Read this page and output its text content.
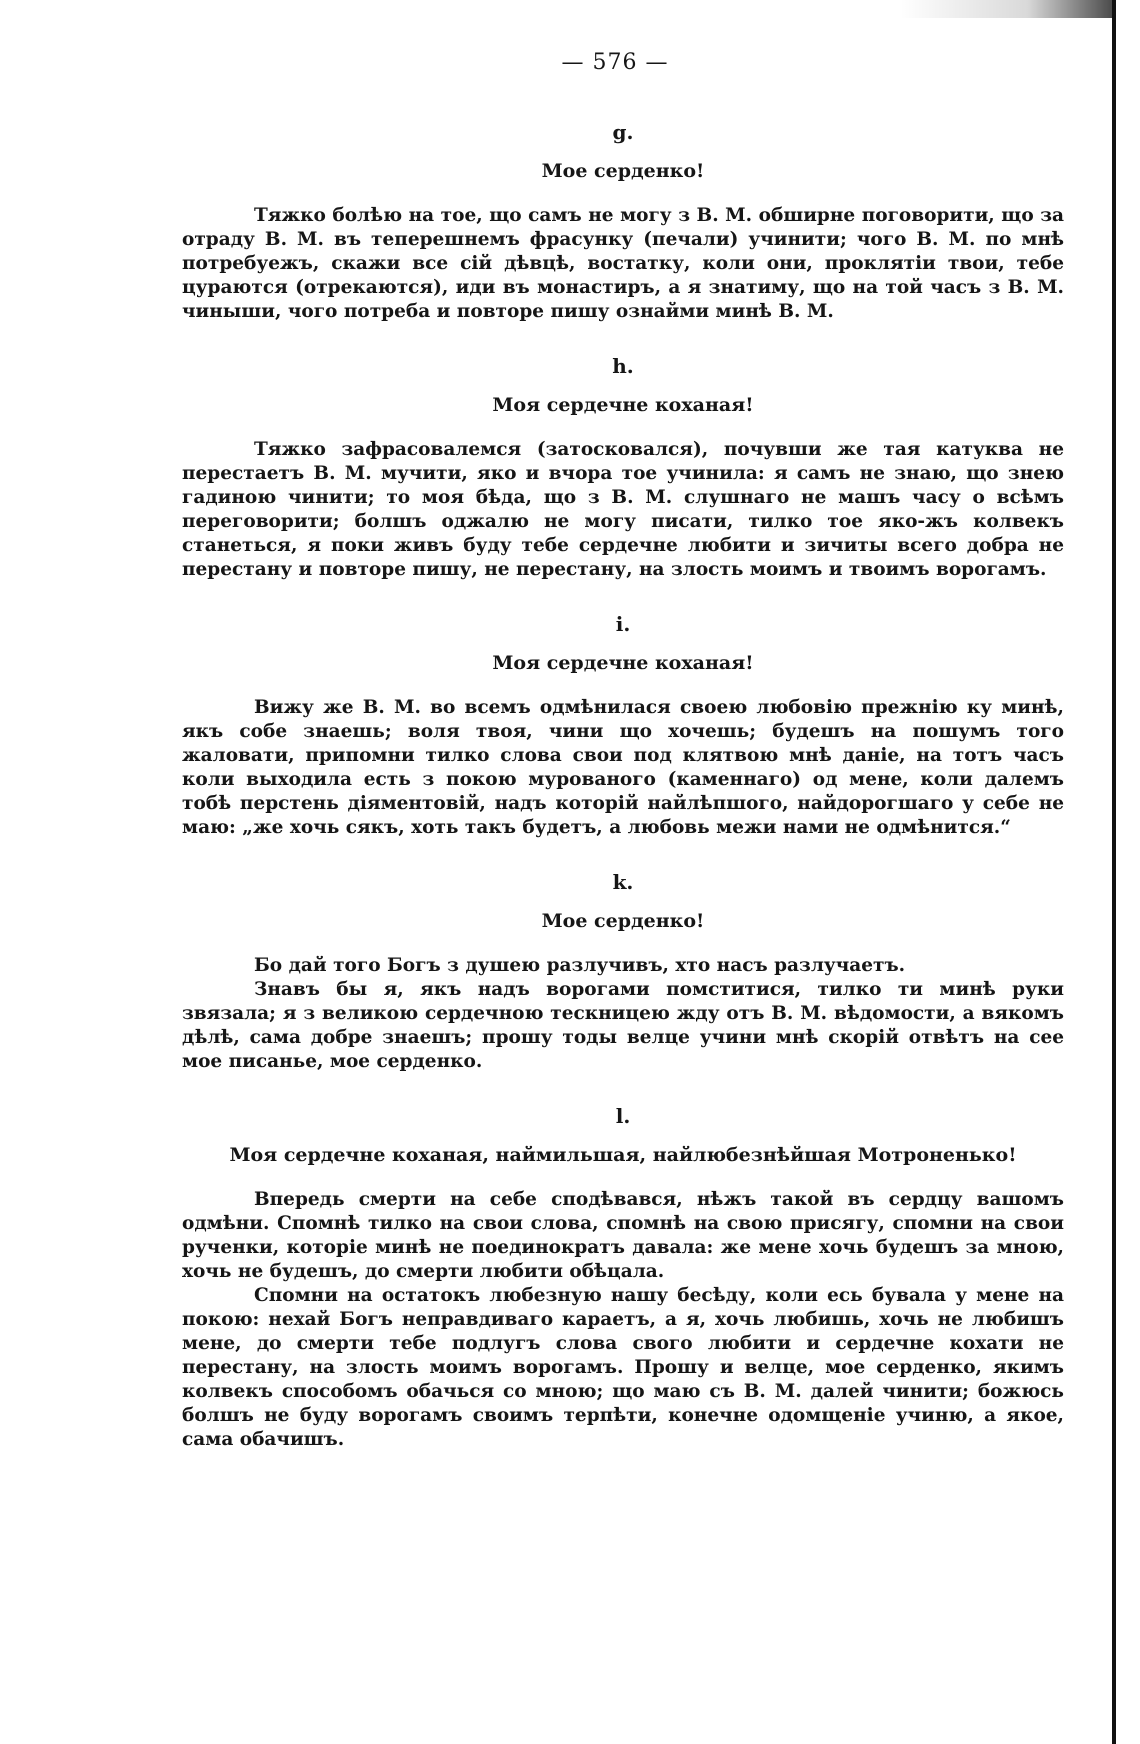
— 576 —

g.

Мое серденко!

Тяжко болѣю на тое, що самъ не могу з В. М. обширне поговорити, що за отраду В. М. въ теперешнемъ фрасунку (печали) учинити; чого В. М. по мнѣ потребуежъ, скажи все сій дѣвцѣ, востатку, коли они, проклятіи твои, тебе цураются (отрекаются), иди въ монастиръ, а я знатиму, що на той часъ з В. М. чиныши, чого потреба и повторе пишу ознайми минѣ В. М.

h.

Моя сердечне кохaная!

Тяжко зафрасовалемся (затосковался), почувши же тая катуква не перестаетъ В. М. мучити, яко и вчора тое учинила: я самъ не знаю, що знею гадиною чинити; то моя бѣда, що з В. М. слушнаго не машъ часу о всѣмъ переговорити; болшъ оджалю не могу писати, тилко тое яко-жъ колвекъ станеться, я поки живъ буду тебе сердечне любити и зичиты всего добра не перестану и повторе пишу, не перестану, на злость моимъ и твоимъ ворогамъ.

i.

Моя сердечне коханая!

Вижу же В. М. во всемъ одмѣнилася своею любовію прежнію ку минѣ, якъ собе знаешь; воля твоя, чини що хочешь; будешъ на пошумъ того жаловати, припомни тилко слова свои под клятвою мнѣ даніе, на тотъ часъ коли выходила есть з покою мурованого (каменнаго) од мене, коли далемъ тобѣ перстень діяментовій, надъ которій найлѣпшого, найдорогшаго у себе не маю: „же хочь сякъ, хоть такъ будетъ, а любовь межи нами не одмѣнится.“

k.

Мое серденко!

Бо дай того Богъ з душею разлучивъ, хто насъ разлучаетъ.

Знавъ бы я, якъ надъ ворогами помститися, тилко ти минѣ руки звязала; я з великою сердечною тескницею жду отъ В. М. вѣдомости, а вякомъ дѣлѣ, сама добре знаешъ; прошу тоды велце учини мнѣ скорій отвѣтъ на сее мое писанье, мое серденко.

l.

Моя сердечне коханая, наймильшая, найлюбезнѣйшая Мотроненько!

Впередь смерти на себе сподѣвався, нѣжъ такой въ сердцу вашомъ одмѣни. Спомнѣ тилко на свои слова, спомнѣ на свою присягу, спомни на свои рученки, которіе минѣ не поединократъ давала: же мене хочь будешъ за мною, хочь не будешъ, до смерти любити обѣцала.

Спомни на остатокъ любезную нашу бесѣду, коли есь бувала у мене на покою: нехай Богъ неправдиваго караетъ, а я, хочь любишь, хочь не любишъ мене, до смерти тебе подлугъ слова свого любити и сердечне кохати не перестану, на злость моимъ ворогамъ. Прошу и велце, мое серденко, якимъ колвекъ способомъ обачься со мною; що маю съ В. М. далей чинити; божюсь болшъ не буду ворогамъ своимъ терпѣти, конечне одомщеніе учиню, а якое, сама обачишъ.
